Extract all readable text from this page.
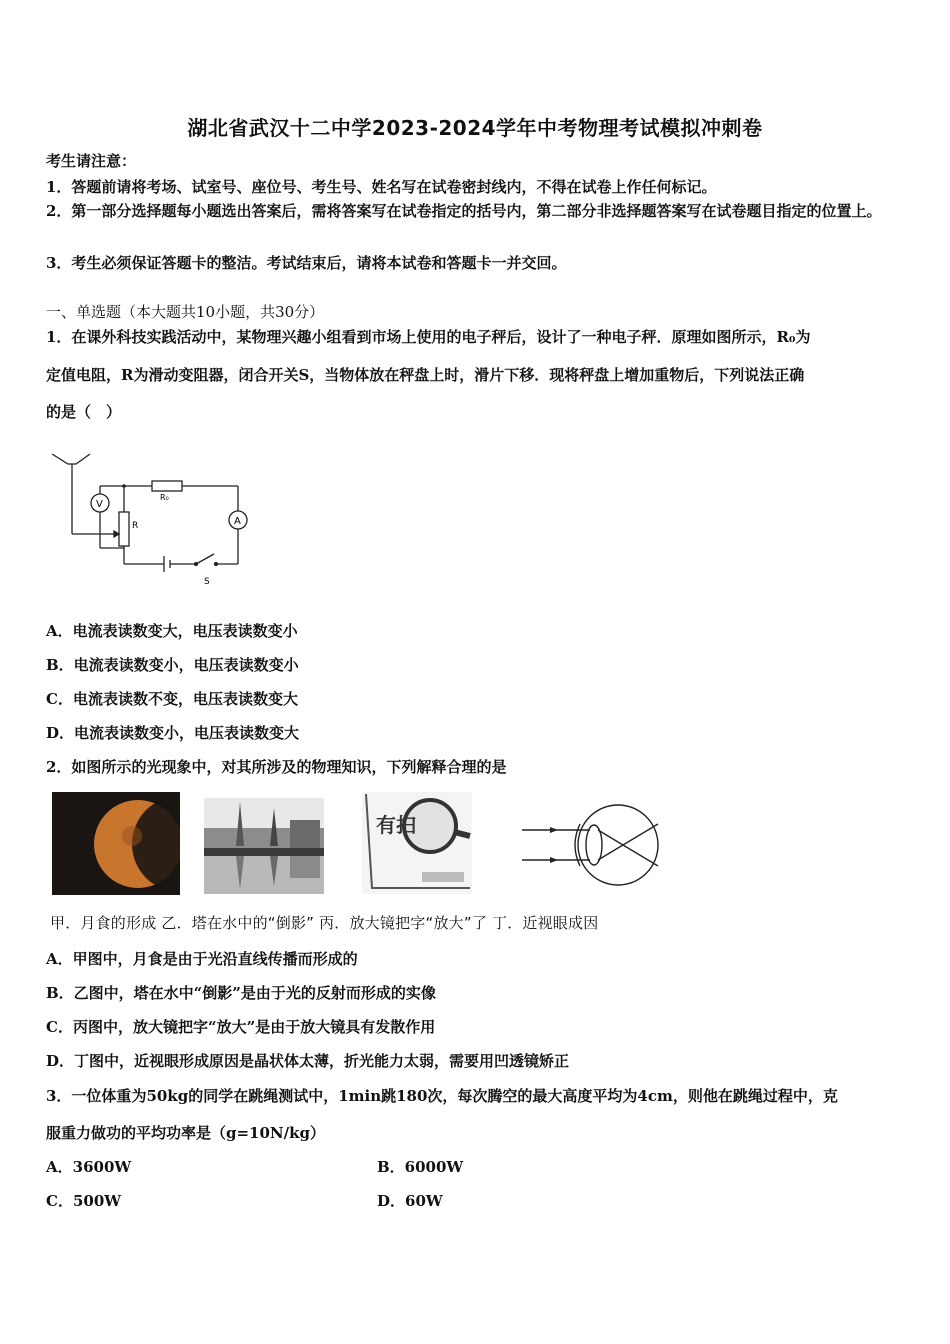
湖北省武汉十二中学2023-2024学年中考物理考试模拟冲刺卷
考生请注意：
1．答题前请将考场、试室号、座位号、考生号、姓名写在试卷密封线内，不得在试卷上作任何标记。
2．第一部分选择题每小题选出答案后，需将答案写在试卷指定的括号内，第二部分非选择题答案写在试卷题目指定的位置上。
3．考生必须保证答题卡的整洁。考试结束后，请将本试卷和答题卡一并交回。
一、单选题（本大题共10小题，共30分）
1．在课外科技实践活动中，某物理兴趣小组看到市场上使用的电子秤后，设计了一种电子秤．原理如图所示，R₀为
定值电阻，R为滑动变阻器，闭合开关S，当物体放在秤盘上时，滑片下移．现将秤盘上增加重物后，下列说法正确
的是（　）
R₀
R
S
V
A
A．电流表读数变大，电压表读数变小
B．电流表读数变小，电压表读数变小
C．电流表读数不变，电压表读数变大
D．电流表读数变小，电压表读数变大
2．如图所示的光现象中，对其所涉及的物理知识，下列解释合理的是
有扫
甲．月食的形成 乙．塔在水中的“倒影” 丙．放大镜把字“放大”了 丁．近视眼成因
A．甲图中，月食是由于光沿直线传播而形成的
B．乙图中，塔在水中“倒影”是由于光的反射而形成的实像
C．丙图中，放大镜把字“放大”是由于放大镜具有发散作用
D．丁图中，近视眼形成原因是晶状体太薄，折光能力太弱，需要用凹透镜矫正
3．一位体重为50kg的同学在跳绳测试中，1min跳180次，每次腾空的最大高度平均为4cm，则他在跳绳过程中，克
服重力做功的平均功率是（g=10N/kg）
A．3600W	B．6000W
C．500W	D．60W
